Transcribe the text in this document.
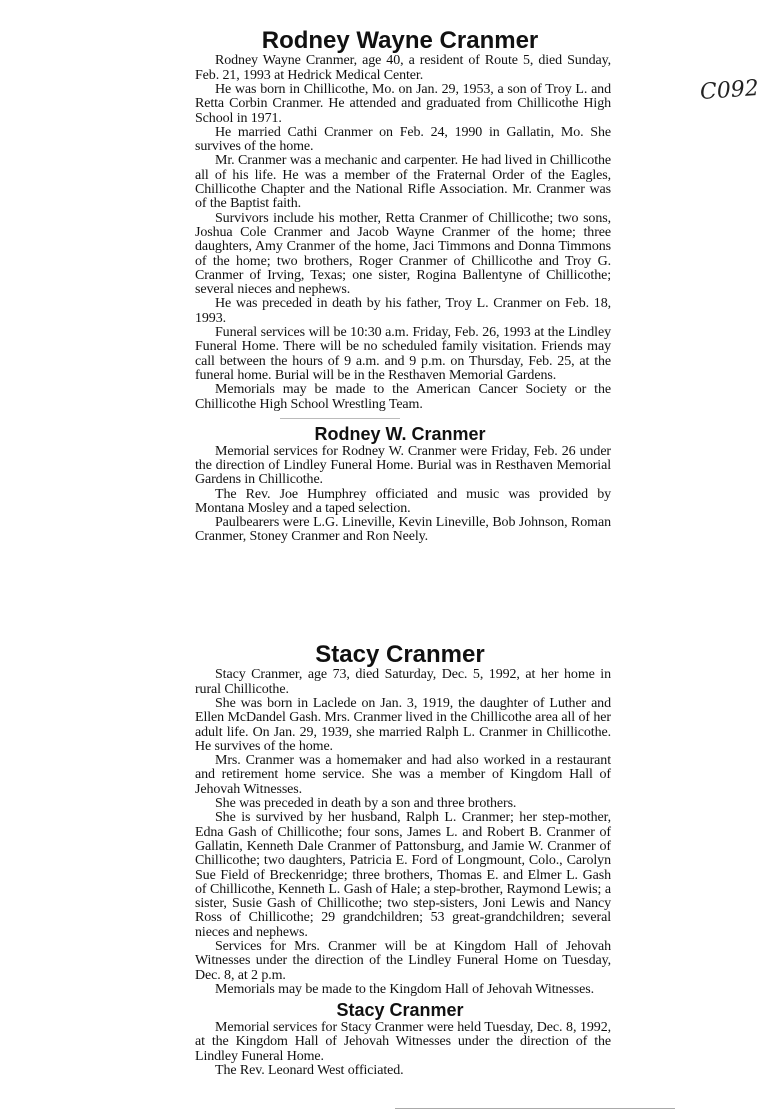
C092
Rodney Wayne Cranmer

Rodney Wayne Cranmer, age 40, a resident of Route 5, died Sunday, Feb. 21, 1993 at Hedrick Medical Center.

He was born in Chillicothe, Mo. on Jan. 29, 1953, a son of Troy L. and Retta Corbin Cranmer. He attended and graduated from Chillicothe High School in 1971.

He married Cathi Cranmer on Feb. 24, 1990 in Gallatin, Mo. She survives of the home.

Mr. Cranmer was a mechanic and carpenter. He had lived in Chillicothe all of his life. He was a member of the Fraternal Order of the Eagles, Chillicothe Chapter and the National Rifle Association. Mr. Cranmer was of the Baptist faith.

Survivors include his mother, Retta Cranmer of Chillicothe; two sons, Joshua Cole Cranmer and Jacob Wayne Cranmer of the home; three daughters, Amy Cranmer of the home, Jaci Timmons and Donna Timmons of the home; two brothers, Roger Cranmer of Chillicothe and Troy G. Cranmer of Irving, Texas; one sister, Rogina Ballentyne of Chillicothe; several nieces and nephews.

He was preceded in death by his father, Troy L. Cranmer on Feb. 18, 1993.

Funeral services will be 10:30 a.m. Friday, Feb. 26, 1993 at the Lindley Funeral Home. There will be no scheduled family visitation. Friends may call between the hours of 9 a.m. and 9 p.m. on Thursday, Feb. 25, at the funeral home. Burial will be in the Resthaven Memorial Gardens.

Memorials may be made to the American Cancer Society or the Chillicothe High School Wrestling Team.

Rodney W. Cranmer

Memorial services for Rodney W. Cranmer were Friday, Feb. 26 under the direction of Lindley Funeral Home. Burial was in Resthaven Memorial Gardens in Chillicothe.

The Rev. Joe Humphrey officiated and music was provided by Montana Mosley and a taped selection.

Paulbearers were L.G. Lineville, Kevin Lineville, Bob Johnson, Roman Cranmer, Stoney Cranmer and Ron Neely.

Stacy Cranmer

Stacy Cranmer, age 73, died Saturday, Dec. 5, 1992, at her home in rural Chillicothe.

She was born in Laclede on Jan. 3, 1919, the daughter of Luther and Ellen McDandel Gash. Mrs. Cranmer lived in the Chillicothe area all of her adult life. On Jan. 29, 1939, she married Ralph L. Cranmer in Chillicothe. He survives of the home.

Mrs. Cranmer was a homemaker and had also worked in a restaurant and retirement home service. She was a member of Kingdom Hall of Jehovah Witnesses.

She was preceded in death by a son and three brothers.

She is survived by her husband, Ralph L. Cranmer; her step-mother, Edna Gash of Chillicothe; four sons, James L. and Robert B. Cranmer of Gallatin, Kenneth Dale Cranmer of Pattonsburg, and Jamie W. Cranmer of Chillicothe; two daughters, Patricia E. Ford of Longmount, Colo., Carolyn Sue Field of Breckenridge; three brothers, Thomas E. and Elmer L. Gash of Chillicothe, Kenneth L. Gash of Hale; a step-brother, Raymond Lewis; a sister, Susie Gash of Chillicothe; two step-sisters, Joni Lewis and Nancy Ross of Chillicothe; 29 grandchildren; 53 great-grandchildren; several nieces and nephews.

Services for Mrs. Cranmer will be at Kingdom Hall of Jehovah Witnesses under the direction of the Lindley Funeral Home on Tuesday, Dec. 8, at 2 p.m.

Memorials may be made to the Kingdom Hall of Jehovah Witnesses.

Stacy Cranmer

Memorial services for Stacy Cranmer were held Tuesday, Dec. 8, 1992, at the Kingdom Hall of Jehovah Witnesses under the direction of the Lindley Funeral Home.

The Rev. Leonard West officiated.
